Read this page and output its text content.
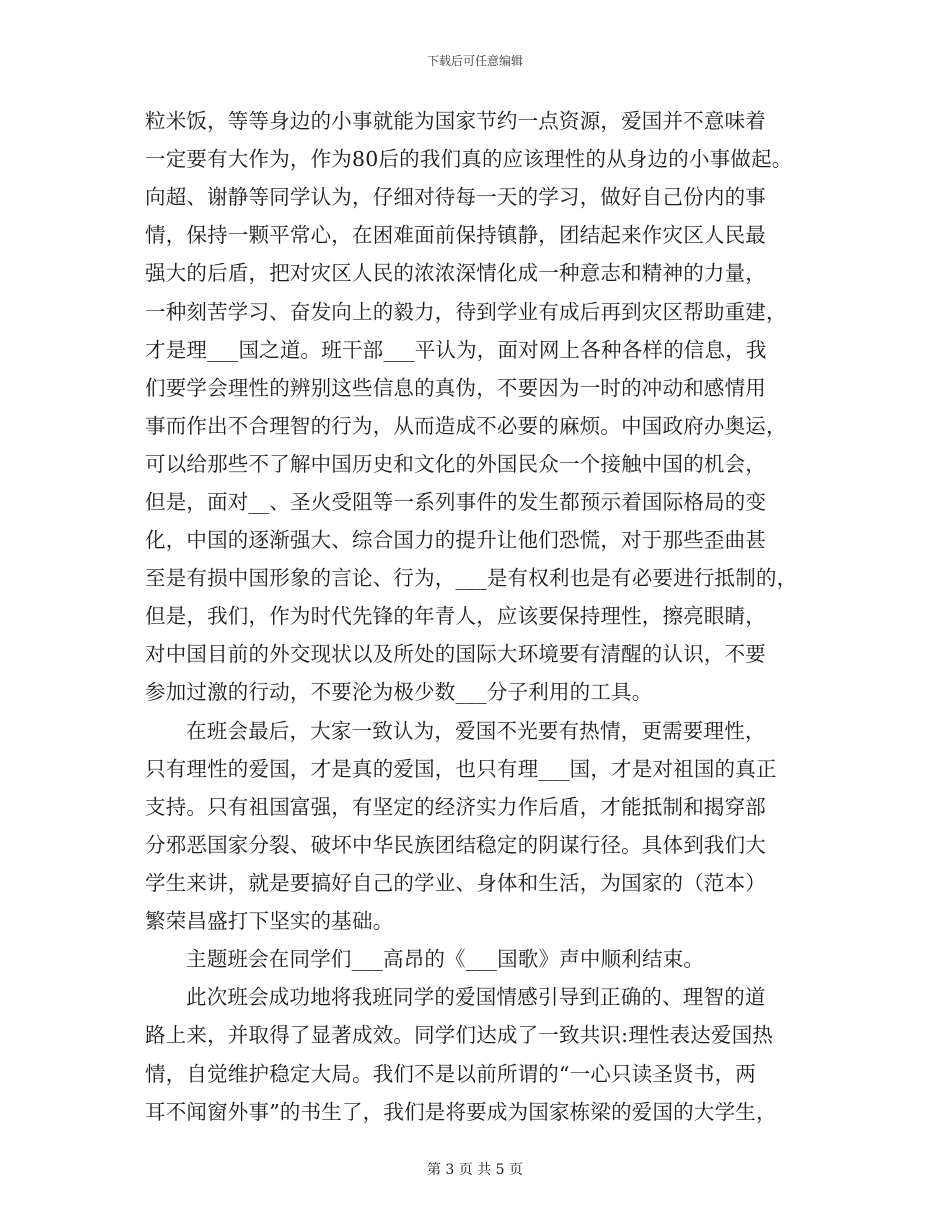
下载后可任意编辑
粒米饭，等等身边的小事就能为国家节约一点资源，爱国并不意味着
一定要有大作为，作为80后的我们真的应该理性的从身边的小事做起。
向超、谢静等同学认为，仔细对待每一天的学习，做好自己份内的事
情，保持一颗平常心，在困难面前保持镇静，团结起来作灾区人民最
强大的后盾，把对灾区人民的浓浓深情化成一种意志和精神的力量，
一种刻苦学习、奋发向上的毅力，待到学业有成后再到灾区帮助重建，
才是理___国之道。班干部___平认为，面对网上各种各样的信息，我
们要学会理性的辨别这些信息的真伪，不要因为一时的冲动和感情用
事而作出不合理智的行为，从而造成不必要的麻烦。中国政府办奥运，
可以给那些不了解中国历史和文化的外国民众一个接触中国的机会，
但是，面对__、圣火受阻等一系列事件的发生都预示着国际格局的变
化，中国的逐渐强大、综合国力的提升让他们恐慌，对于那些歪曲甚
至是有损中国形象的言论、行为，___是有权利也是有必要进行抵制的，
但是，我们，作为时代先锋的年青人，应该要保持理性，擦亮眼睛，
对中国目前的外交现状以及所处的国际大环境要有清醒的认识，不要
参加过激的行动，不要沦为极少数___分子利用的工具。
在班会最后，大家一致认为，爱国不光要有热情，更需要理性，
只有理性的爱国，才是真的爱国，也只有理___国，才是对祖国的真正
支持。只有祖国富强，有坚定的经济实力作后盾，才能抵制和揭穿部
分邪恶国家分裂、破坏中华民族团结稳定的阴谋行径。具体到我们大
学生来讲，就是要搞好自己的学业、身体和生活，为国家的（范本）
繁荣昌盛打下坚实的基础。
主题班会在同学们___高昂的《___国歌》声中顺利结束。
此次班会成功地将我班同学的爱国情感引导到正确的、理智的道
路上来，并取得了显著成效。同学们达成了一致共识:理性表达爱国热
情，自觉维护稳定大局。我们不是以前所谓的“一心只读圣贤书，两
耳不闻窗外事”的书生了，我们是将要成为国家栋梁的爱国的大学生，
第 3 页 共 5 页
